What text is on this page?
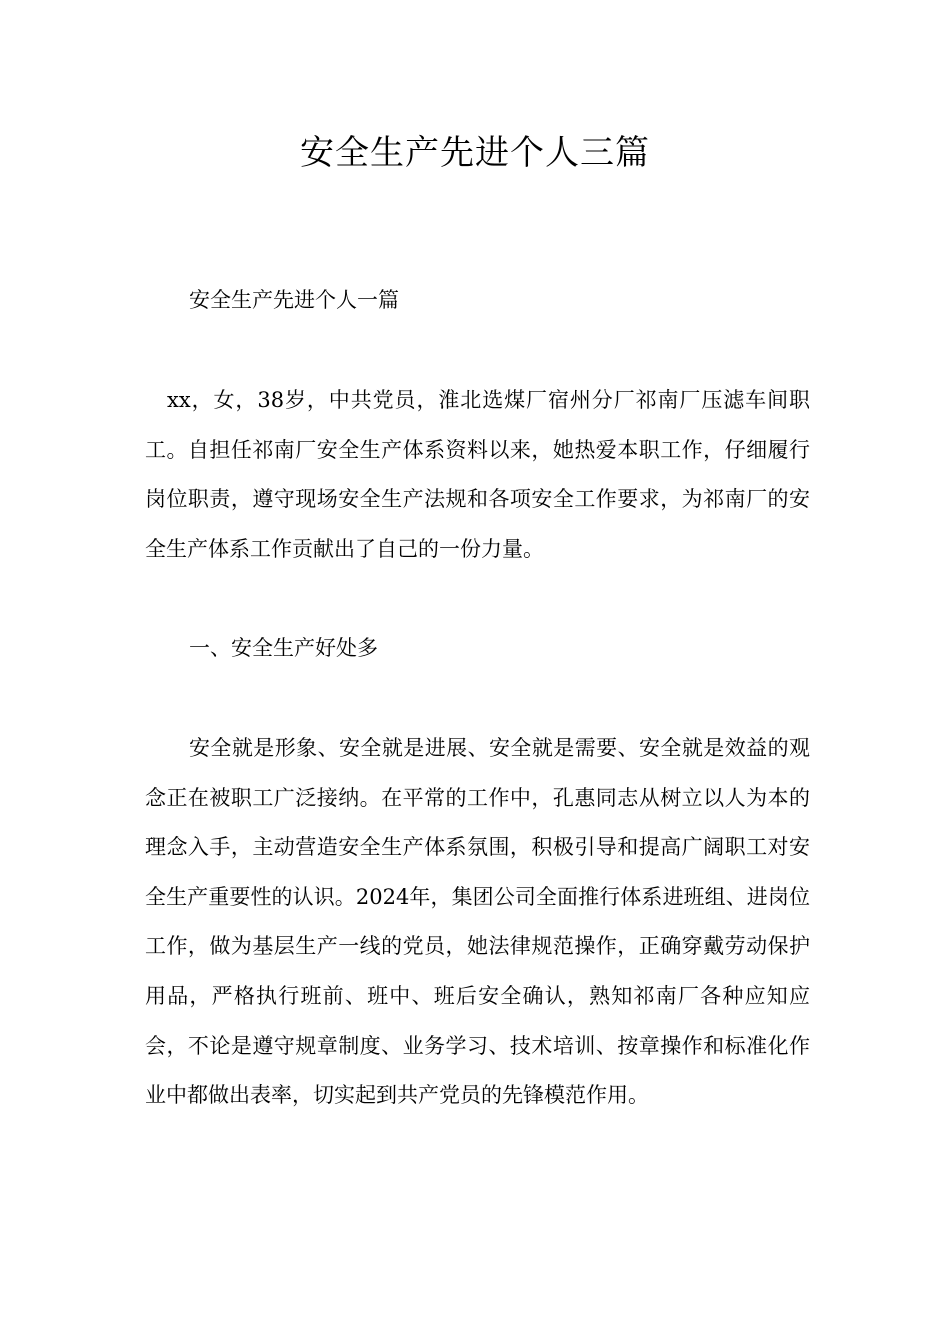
安全生产先进个人三篇
安全生产先进个人一篇

xx，女，38岁，中共党员，淮北选煤厂宿州分厂祁南厂压滤车间职工。自担任祁南厂安全生产体系资料以来，她热爱本职工作，仔细履行岗位职责，遵守现场安全生产法规和各项安全工作要求，为祁南厂的安全生产体系工作贡献出了自己的一份力量。

一、安全生产好处多

安全就是形象、安全就是进展、安全就是需要、安全就是效益的观念正在被职工广泛接纳。在平常的工作中，孔惠同志从树立以人为本的理念入手，主动营造安全生产体系氛围，积极引导和提高广阔职工对安全生产重要性的认识。2024年，集团公司全面推行体系进班组、进岗位工作，做为基层生产一线的党员，她法律规范操作，正确穿戴劳动保护用品，严格执行班前、班中、班后安全确认，熟知祁南厂各种应知应会，不论是遵守规章制度、业务学习、技术培训、按章操作和标准化作业中都做出表率，切实起到共产党员的先锋模范作用。
